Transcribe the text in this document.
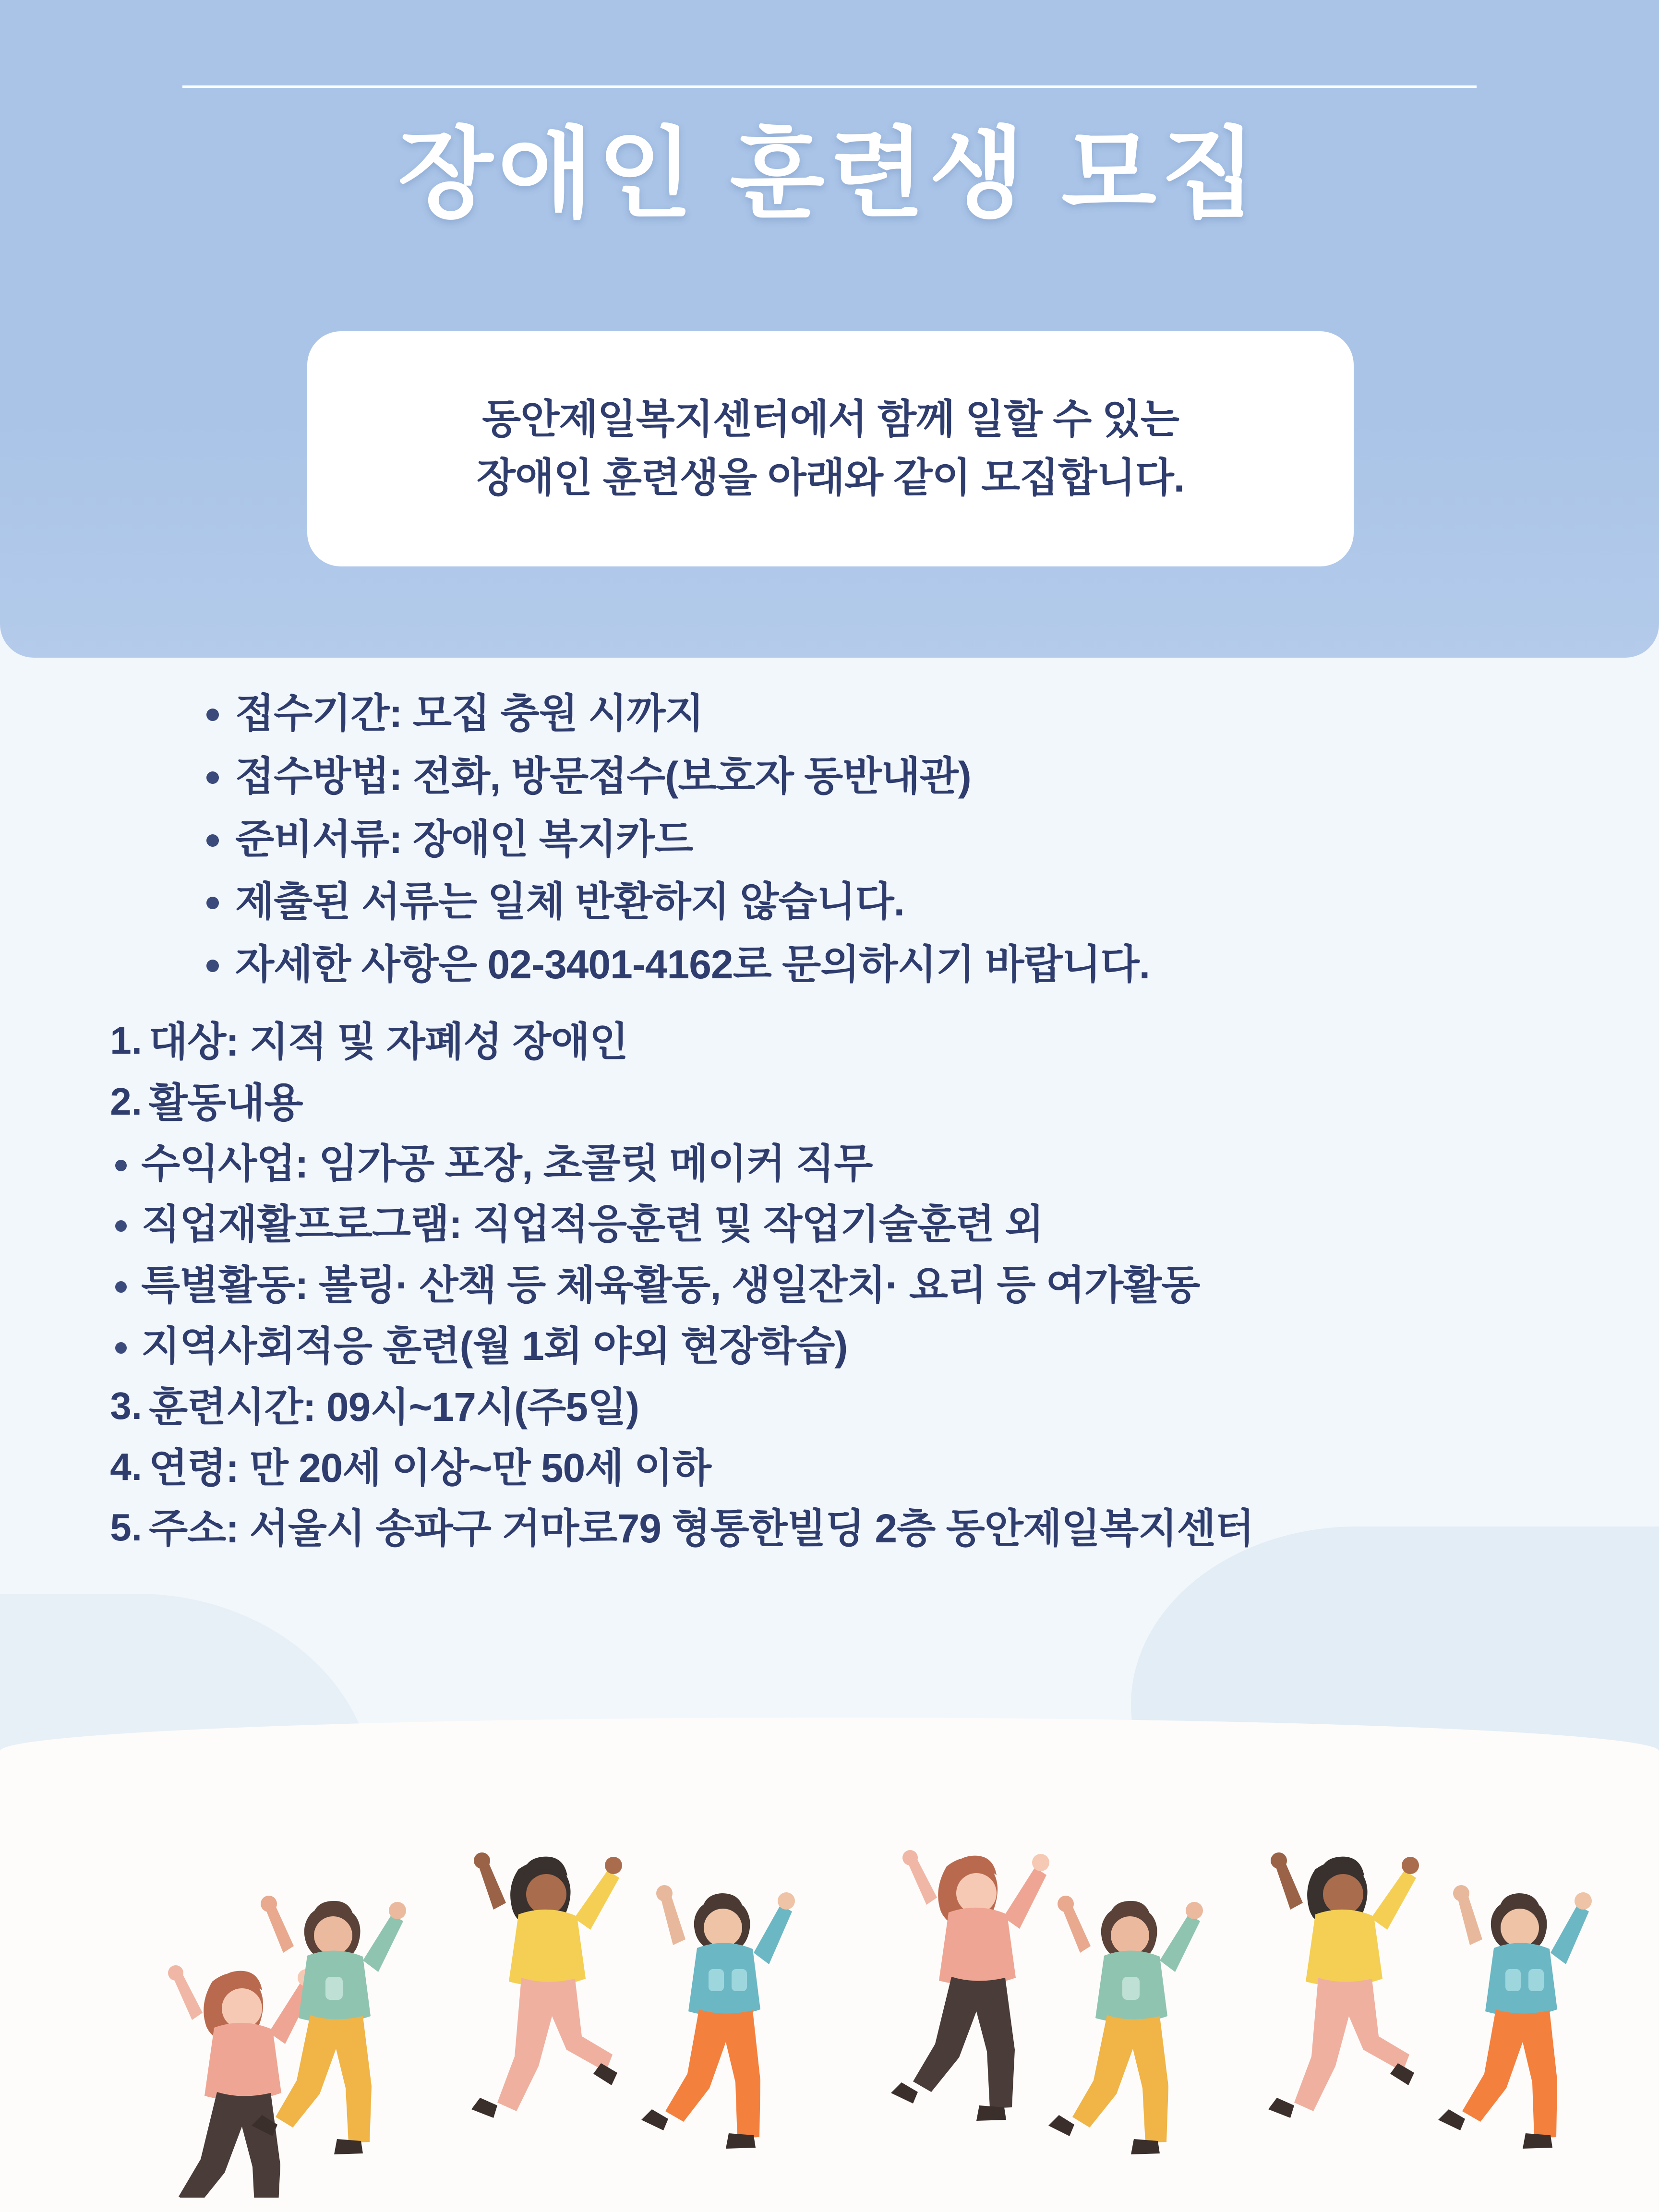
장애인 훈련생 모집
동안제일복지센터에서 함께 일할 수 있는
장애인 훈련생을 아래와 같이 모집합니다.
접수기간: 모집 충원 시까지
접수방법: 전화, 방문접수(보호자 동반내관)
준비서류: 장애인 복지카드
제출된 서류는 일체 반환하지 않습니다.
자세한 사항은 02-3401-4162로 문의하시기 바랍니다.
1. 대상: 지적 및 자폐성 장애인
2. 활동내용
수익사업: 임가공 포장, 초콜릿 메이커 직무
직업재활프로그램: 직업적응훈련 및 작업기술훈련 외
특별활동: 볼링· 산책 등 체육활동, 생일잔치· 요리 등 여가활동
지역사회적응 훈련(월 1회 야외 현장학습)
3. 훈련시간: 09시~17시(주5일)
4. 연령: 만 20세 이상~만 50세 이하
5. 주소: 서울시 송파구 거마로79 형통한빌딩 2층 동안제일복지센터
